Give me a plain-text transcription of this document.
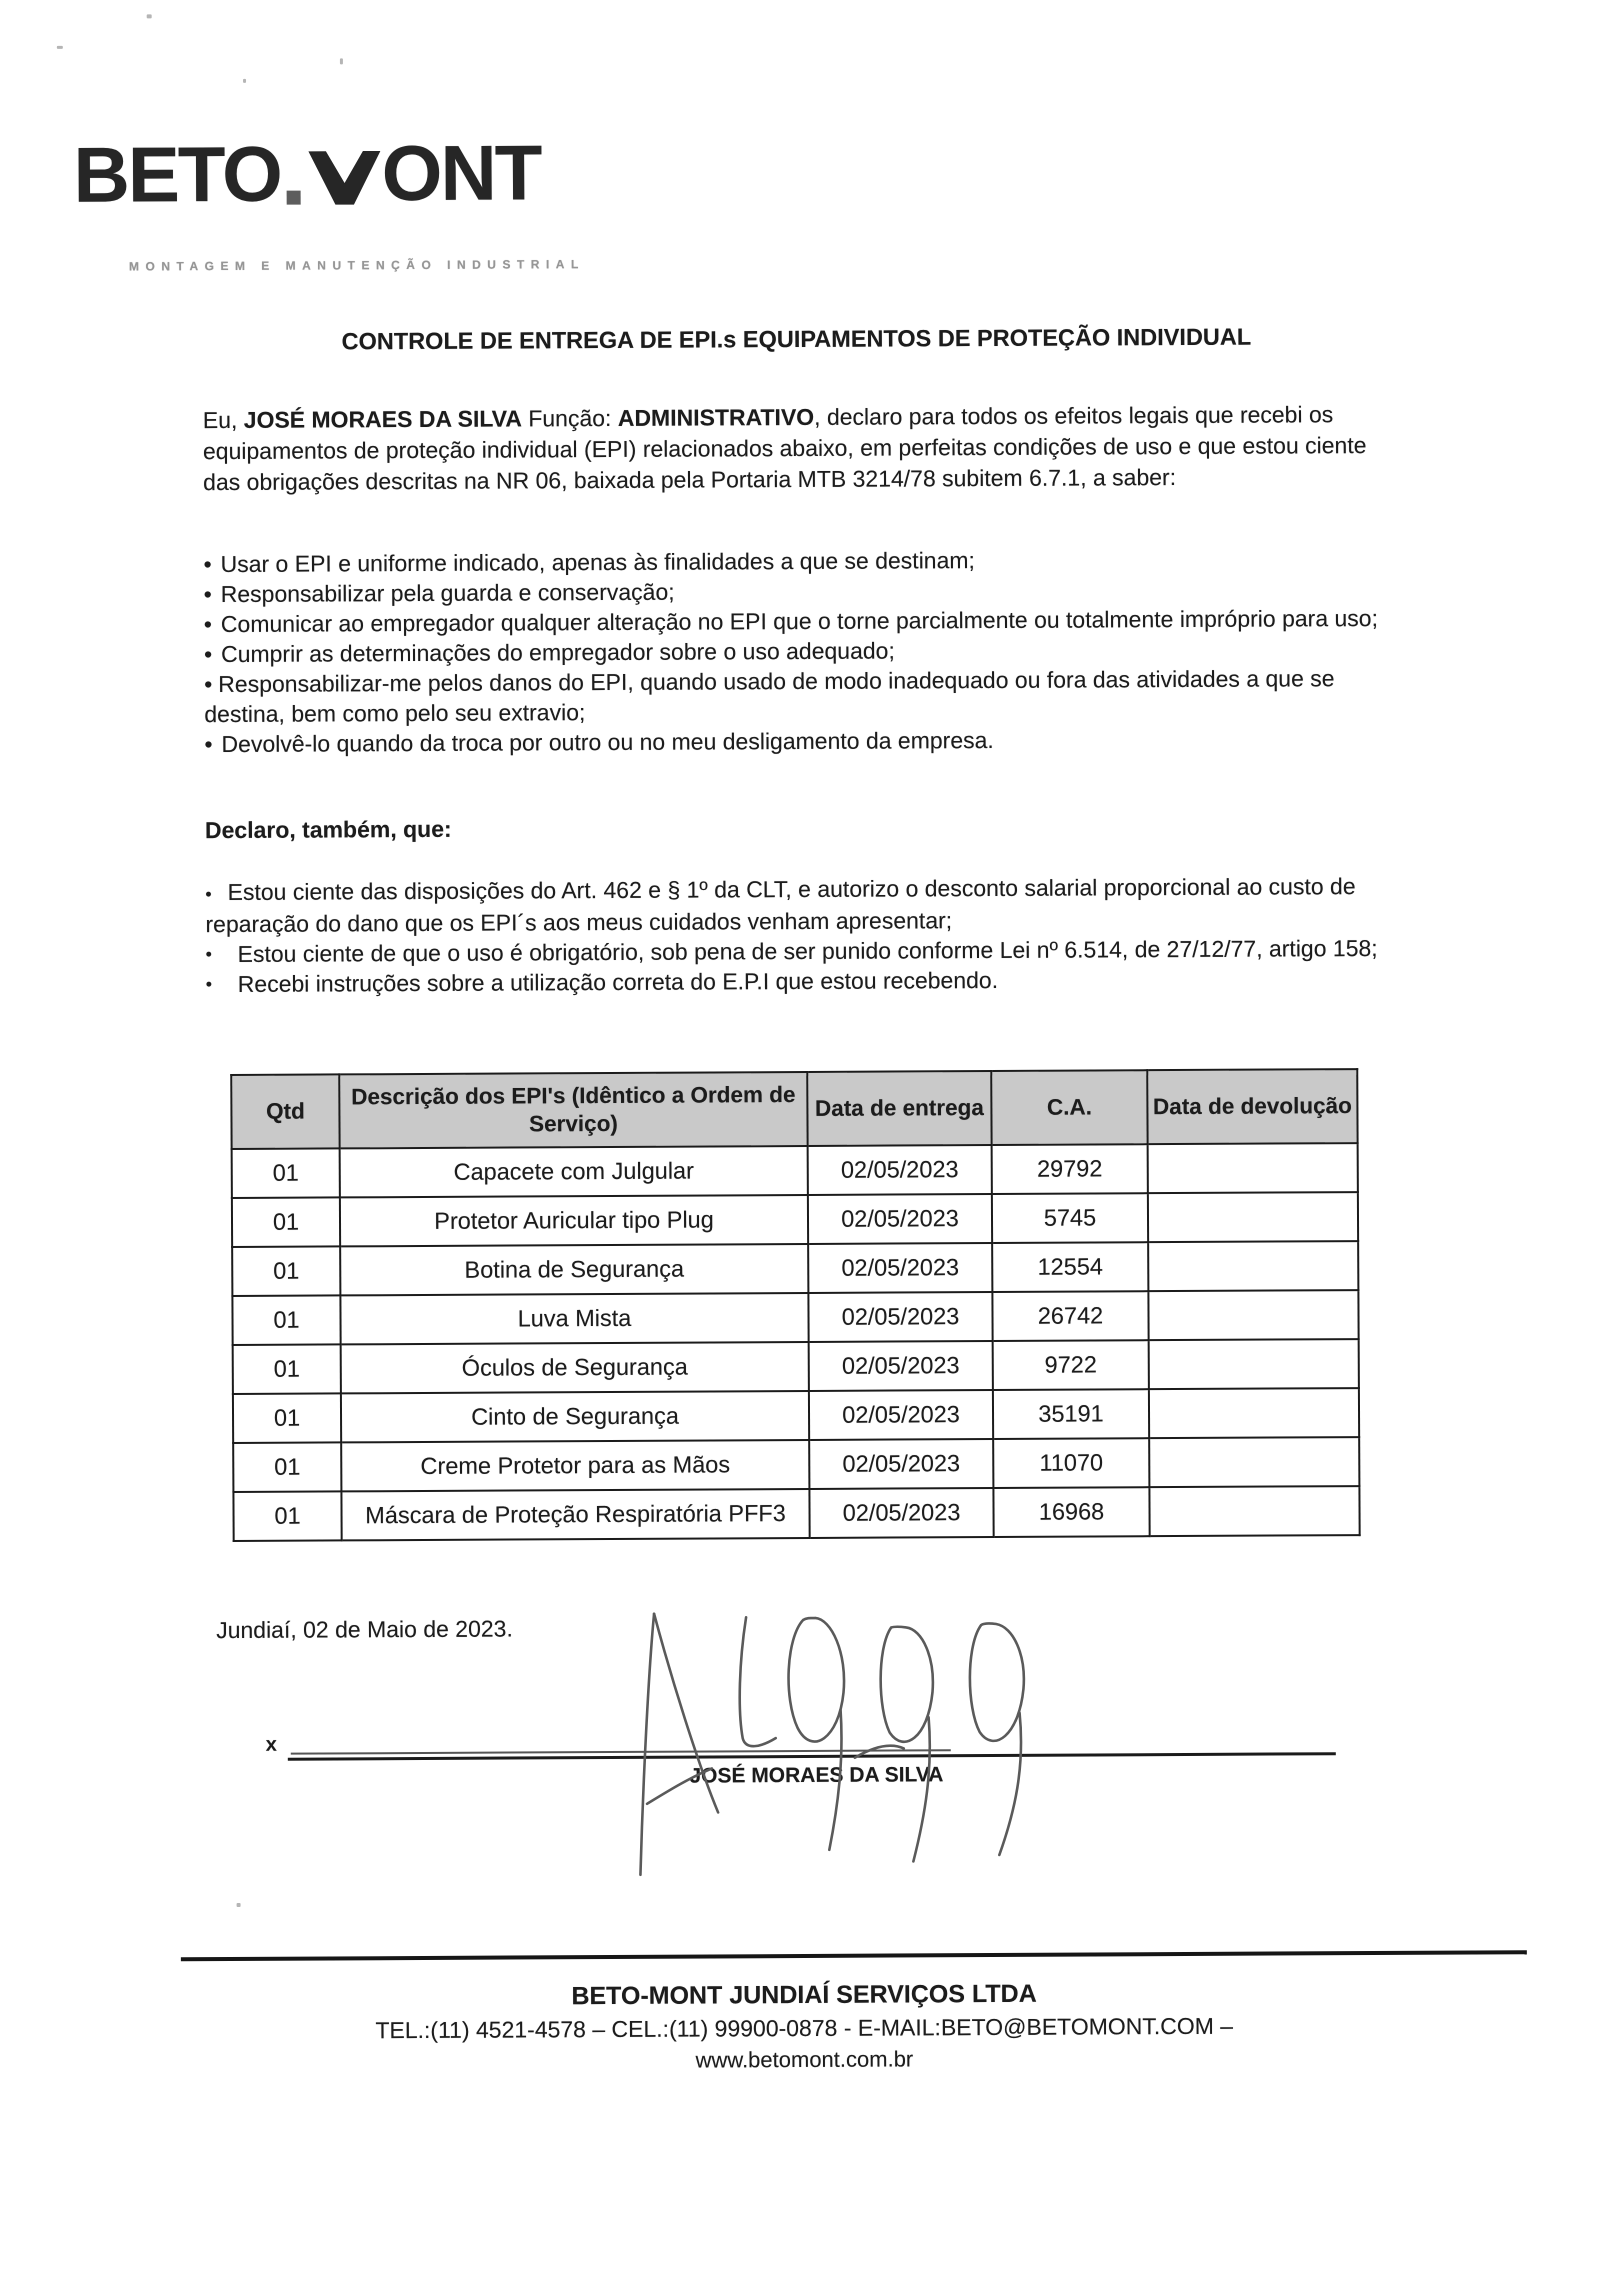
BETO ONT
MONTAGEM E MANUTENÇÃO INDUSTRIAL
CONTROLE DE ENTREGA DE EPI.s EQUIPAMENTOS DE PROTEÇÃO INDIVIDUAL

Eu, JOSÉ MORAES DA SILVA Função: ADMINISTRATIVO, declaro para todos os efeitos legais que recebi os equipamentos de proteção individual (EPI) relacionados abaixo, em perfeitas condições de uso e que estou ciente das obrigações descritas na NR 06, baixada pela Portaria MTB 3214/78 subitem 6.7.1, a saber:

• Usar o EPI e uniforme indicado, apenas às finalidades a que se destinam;
• Responsabilizar pela guarda e conservação;
• Comunicar ao empregador qualquer alteração no EPI que o torne parcialmente ou totalmente impróprio para uso;
• Cumprir as determinações do empregador sobre o uso adequado;
• Responsabilizar-me pelos danos do EPI, quando usado de modo inadequado ou fora das atividades a que se destina, bem como pelo seu extravio;
• Devolvê-lo quando da troca por outro ou no meu desligamento da empresa.
Declaro, também, que:
• Estou ciente das disposições do Art. 462 e § 1º da CLT, e autorizo o desconto salarial proporcional ao custo de reparação do dano que os EPI´s aos meus cuidados venham apresentar;
•	Estou ciente de que o uso é obrigatório, sob pena de ser punido conforme Lei nº 6.514, de 27/12/77, artigo 158;
•	Recebi instruções sobre a utilização correta do E.P.I que estou recebendo.
Qtd	Descrição dos EPI's (Idêntico a Ordem de Serviço)	Data de entrega	C.A.	Data de devolução
01	Capacete com Julgular	02/05/2023	29792	
01	Protetor Auricular tipo Plug	02/05/2023	5745	
01	Botina de Segurança	02/05/2023	12554	
01	Luva Mista	02/05/2023	26742	
01	Óculos de Segurança	02/05/2023	9722	
01	Cinto de Segurança	02/05/2023	35191	
01	Creme Protetor para as Mãos	02/05/2023	11070	
01	Máscara de Proteção Respiratória PFF3	02/05/2023	16968	
Jundiaí, 02 de Maio de 2023.
x
JOSÉ MORAES DA SILVA
BETO-MONT JUNDIAÍ SERVIÇOS LTDA
TEL.:(11) 4521-4578 – CEL.:(11) 99900-0878 - E-MAIL:BETO@BETOMONT.COM –
www.betomont.com.br
